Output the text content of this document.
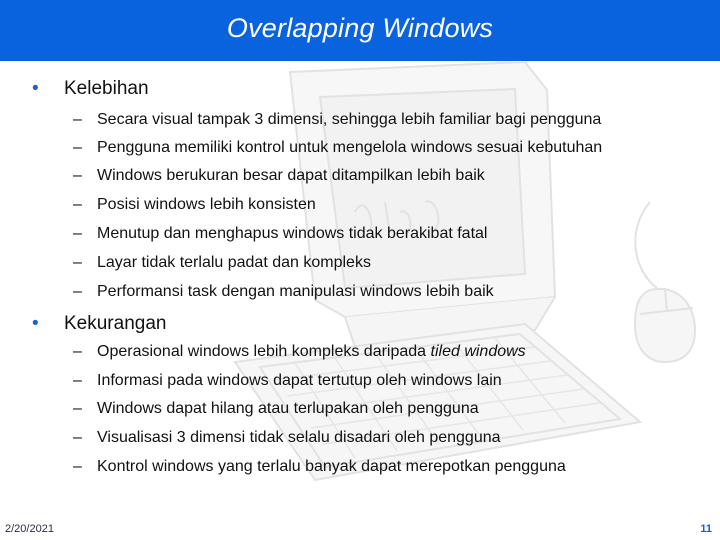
Overlapping Windows
• Kelebihan
– Secara visual tampak 3 dimensi, sehingga lebih familiar bagi pengguna
– Pengguna memiliki kontrol untuk mengelola windows sesuai kebutuhan
– Windows berukuran besar dapat ditampilkan lebih baik
– Posisi windows lebih konsisten
– Menutup dan menghapus windows tidak berakibat fatal
– Layar tidak terlalu padat dan kompleks
– Performansi task dengan manipulasi windows lebih baik
• Kekurangan
– Operasional windows lebih kompleks daripada tiled windows
– Informasi pada windows dapat tertutup oleh windows lain
– Windows dapat hilang atau terlupakan oleh pengguna
– Visualisasi 3 dimensi tidak selalu disadari oleh pengguna
– Kontrol windows yang terlalu banyak dapat merepotkan pengguna
2/20/2021	11
